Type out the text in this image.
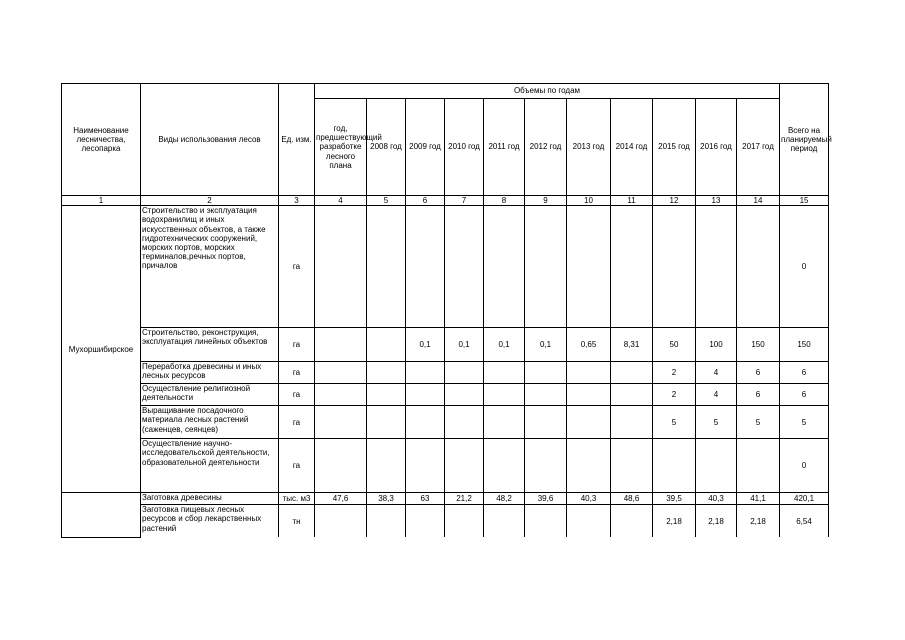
Наименование лесничества, лесопарка	Виды использования лесов	Ед. изм.	Объемы по годам											Всего на планируемый период
			год, предшествующий разработке лесного плана	2008 год	2009 год	2010 год	2011 год	2012 год	2013 год	2014 год	2015 год	2016 год	2017 год	
1	2	3	4	5	6	7	8	9	10	11	12	13	14	15
Мухоршибирское	Строительство и эксплуатация водохранилищ и иных искусственных объектов, а также гидротехнических сооружений, морских портов, морских терминалов,речных портов, причалов	га												0
	Строительство, реконструкция, эксплуатация линейных объектов	га			0,1	0,1	0,1	0,1	0,65	8,31	50	100	150	150
	Переработка древесины и иных лесных ресурсов	га									2	4	6	6
	Осуществление религиозной деятельности	га									2	4	6	6
	Выращивание посадочного материала лесных растений (саженцев, сеянцев)	га									5	5	5	5
	Осуществление научно-исследовательской деятельности, образовательной деятельности	га												0
	Заготовка древесины	тыс. м3	47,6	38,3	63	21,2	48,2	39,6	40,3	48,6	39,5	40,3	41,1	420,1
	Заготовка пищевых лесных ресурсов и сбор лекарственных растений	тн									2,18	2,18	2,18	6,54
